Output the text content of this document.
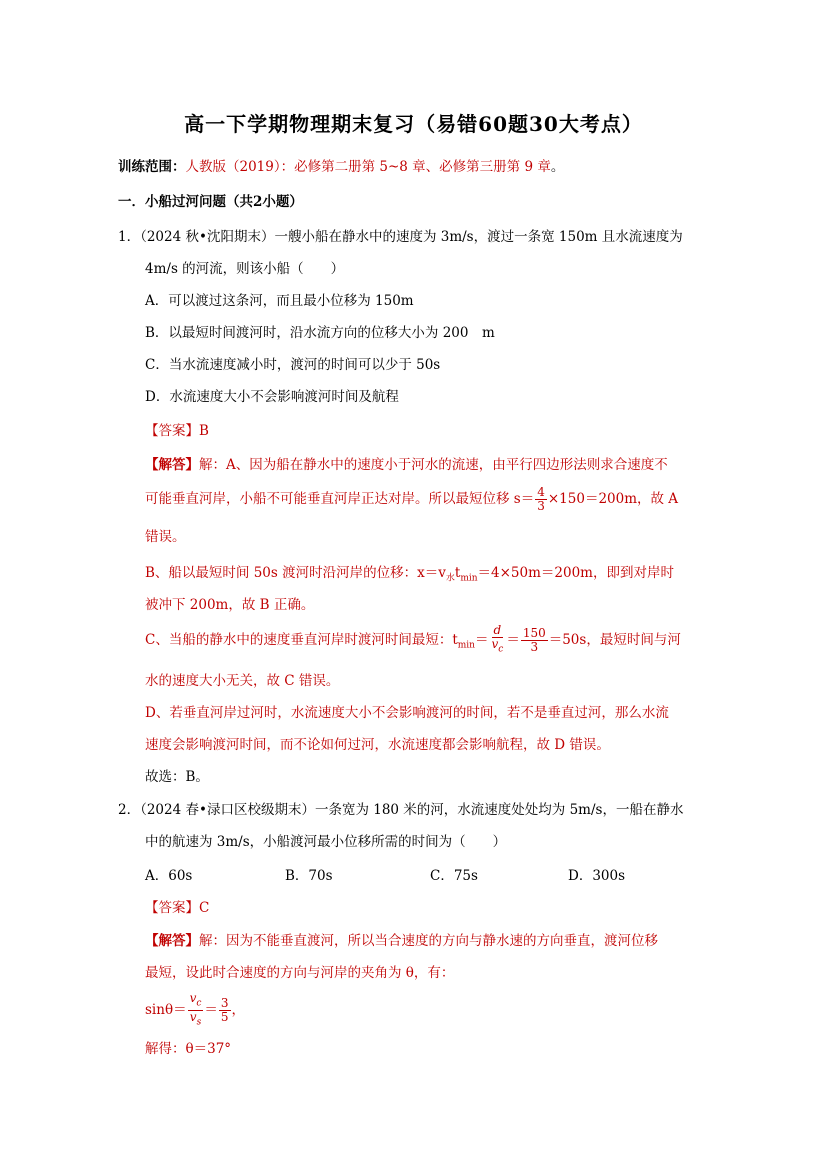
高一下学期物理期末复习（易错60题30大考点）
训练范围：人教版（2019）：必修第二册第 5~8 章、必修第三册第 9 章。
一．小船过河问题（共2小题）
1．（2024 秋•沈阳期末）一艘小船在静水中的速度为 3m/s，渡过一条宽 150m 且水流速度为
4m/s 的河流，则该小船（　　）
A．可以渡过这条河，而且最小位移为 150m
B．以最短时间渡河时，沿水流方向的位移大小为 200　m
C．当水流速度减小时，渡河的时间可以少于 50s
D．水流速度大小不会影响渡河时间及航程
【答案】B
【解答】解：A、因为船在静水中的速度小于河水的流速，由平行四边形法则求合速度不
可能垂直河岸，小船不可能垂直河岸正达对岸。所以最短位移 $s= \frac{4}{3} \times 150=200m$，故 A
错误。
B、船以最短时间 50s 渡河时沿河岸的位移：$x=v_水t_{min}=4\times 50m=200m$，即到对岸时
被冲下 200m，故 B 正确。
C、当船的静水中的速度垂直河岸时渡河时间最短：$t_{min}= \frac{d}{v_c} = \frac{150}{3} =50s$，最短时间与河
水的速度大小无关，故 C 错误。
D、若垂直河岸过河时，水流速度大小不会影响渡河的时间，若不是垂直过河，那么水流
速度会影响渡河时间，而不论如何过河，水流速度都会影响航程，故 D 错误。
故选：B。
2．（2024 春•渌口区校级期末）一条宽为 180 米的河，水流速度处处均为 5m/s，一船在静水
中的航速为 3m/s，小船渡河最小位移所需的时间为（　　）
A．60s	B．70s	C．75s	D．300s
【答案】C
【解答】解：因为不能垂直渡河，所以当合速度的方向与静水速的方向垂直，渡河位移
最短，设此时合速度的方向与河岸的夹角为 θ，有：
$\sin\theta= \frac{v_c}{v_s} = \frac{3}{5}$ ，
解得：θ＝37°
